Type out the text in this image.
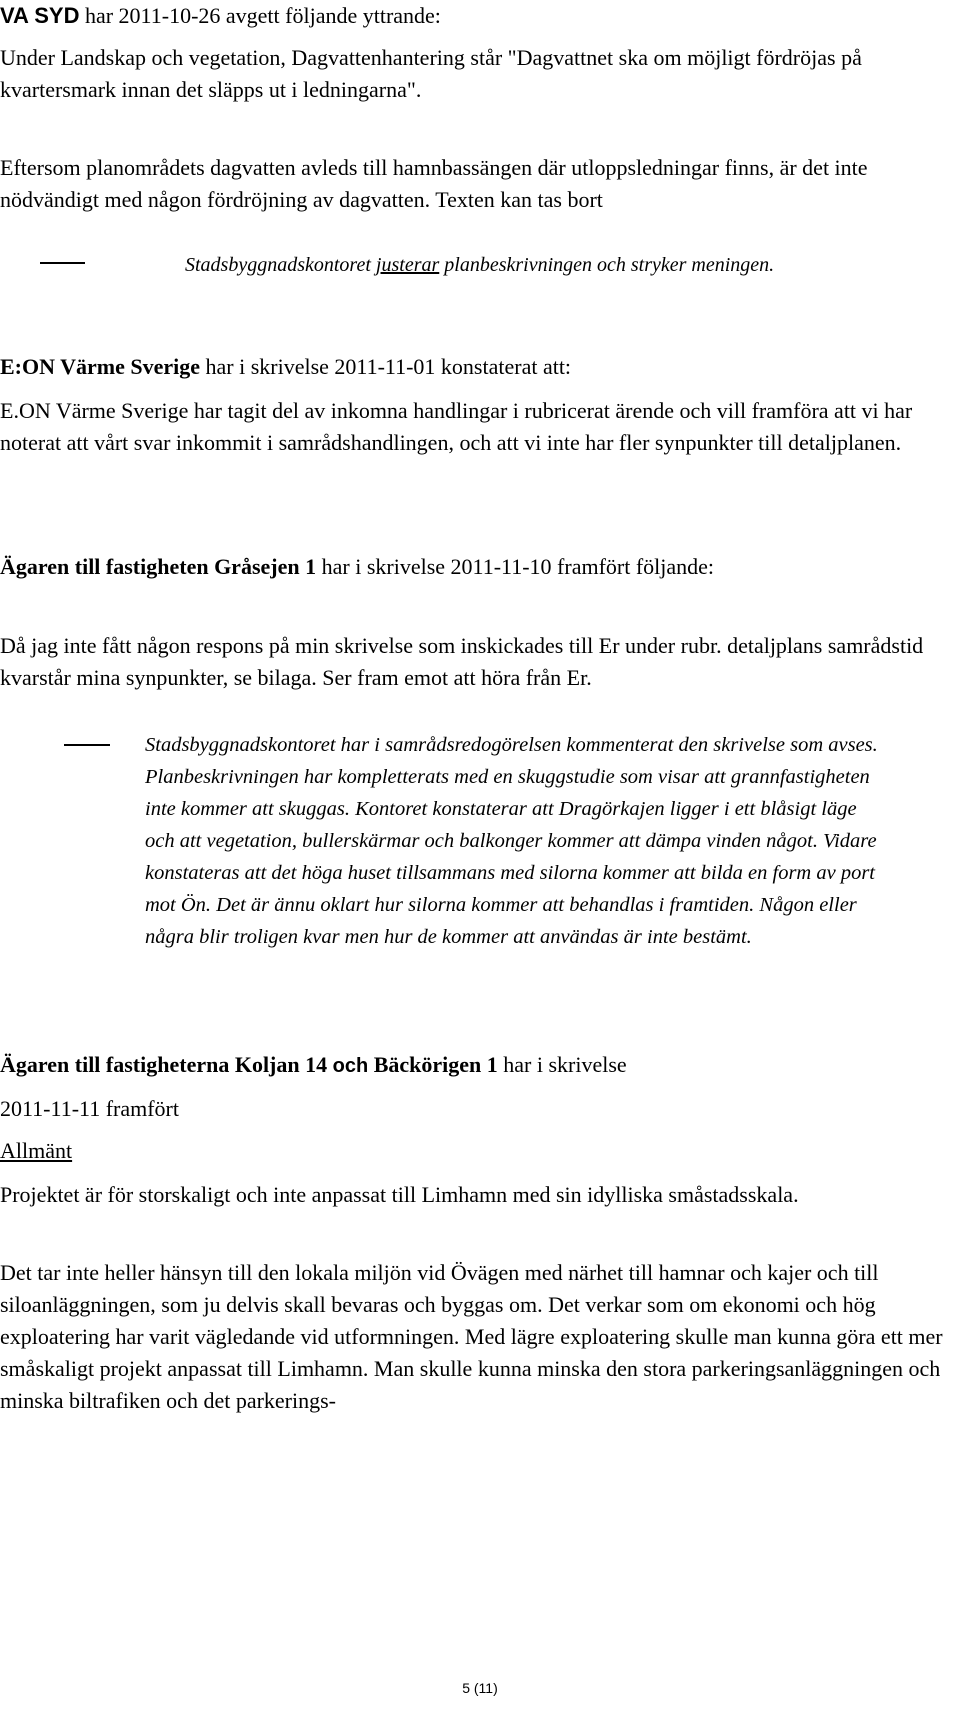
VA SYD har 2011-10-26 avgett följande yttrande:

Under Landskap och vegetation, Dagvattenhantering står "Dagvattnet ska om möjligt fördröjas på kvartersmark innan det släpps ut i ledningarna".

Eftersom planområdets dagvatten avleds till hamnbassängen där utloppsledningar finns, är det inte nödvändigt med någon fördröjning av dagvatten. Texten kan tas bort

Stadsbyggnadskontoret justerar planbeskrivningen och stryker meningen.

E:ON Värme Sverige har i skrivelse 2011-11-01 konstaterat att:

E.ON Värme Sverige har tagit del av inkomna handlingar i rubricerat ärende och vill framföra att vi har noterat att vårt svar inkommit i samrådshandlingen, och att vi inte har fler synpunkter till detaljplanen.

Ägaren till fastigheten Gråsejen 1 har i skrivelse 2011-11-10 framfört följande:

Då jag inte fått någon respons på min skrivelse som inskickades till Er under rubr. detaljplans samrådstid kvarstår mina synpunkter, se bilaga. Ser fram emot att höra från Er.

Stadsbyggnadskontoret har i samrådsredogörelsen kommenterat den skrivelse som avses. Planbeskrivningen har kompletterats med en skuggstudie som visar att grannfastigheten inte kommer att skuggas. Kontoret konstaterar att Dragörkajen ligger i ett blåsigt läge och att vegetation, bullerskärmar och balkonger kommer att dämpa vinden något. Vidare konstateras att det höga huset tillsammans med silorna kommer att bilda en form av port mot Ön. Det är ännu oklart hur silorna kommer att behandlas i framtiden. Någon eller några blir troligen kvar men hur de kommer att användas är inte bestämt.

Ägaren till fastigheterna Koljan 14 och Bäckörigen 1 har i skrivelse

2011-11-11 framfört

Allmänt

Projektet är för storskaligt och inte anpassat till Limhamn med sin idylliska småstadsskala.

Det tar inte heller hänsyn till den lokala miljön vid Övägen med närhet till hamnar och kajer och till siloanläggningen, som ju delvis skall bevaras och byggas om. Det verkar som om ekonomi och hög exploatering har varit vägledande vid utformningen. Med lägre exploatering skulle man kunna göra ett mer småskaligt projekt anpassat till Limhamn. Man skulle kunna minska den stora parkeringsanläggningen och minska biltrafiken och det parkerings-

5 (11)
